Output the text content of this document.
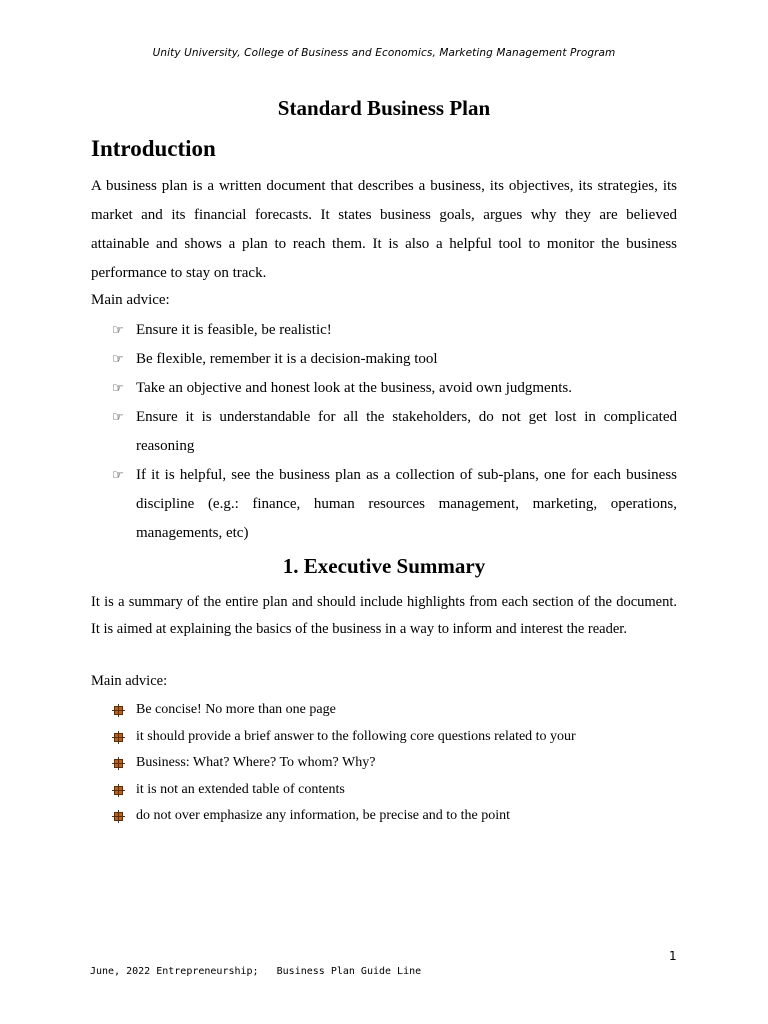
Unity University, College of Business and Economics, Marketing Management Program
Standard Business Plan
Introduction

A business plan is a written document that describes a business, its objectives, its strategies, its market and its financial forecasts. It states business goals, argues why they are believed attainable and shows a plan to reach them. It is also a helpful tool to monitor the business performance to stay on track.

Main advice:

☞ Ensure it is feasible, be realistic!
☞ Be flexible, remember it is a decision-making tool
☞ Take an objective and honest look at the business, avoid own judgments.
☞ Ensure it is understandable for all the stakeholders, do not get lost in complicated reasoning
☞ If it is helpful, see the business plan as a collection of sub-plans, one for each business discipline (e.g.: finance, human resources management, marketing, operations, managements, etc)
1. Executive Summary

It is a summary of the entire plan and should include highlights from each section of the document. It is aimed at explaining the basics of the business in a way to inform and interest the reader.

Main advice:

Be concise! No more than one page
it should provide a brief answer to the following core questions related to your
Business: What? Where? To whom? Why?
it is not an extended table of contents
do not over emphasize any information, be precise and to the point
1
June, 2022 Entrepreneurship; Business Plan Guide Line
